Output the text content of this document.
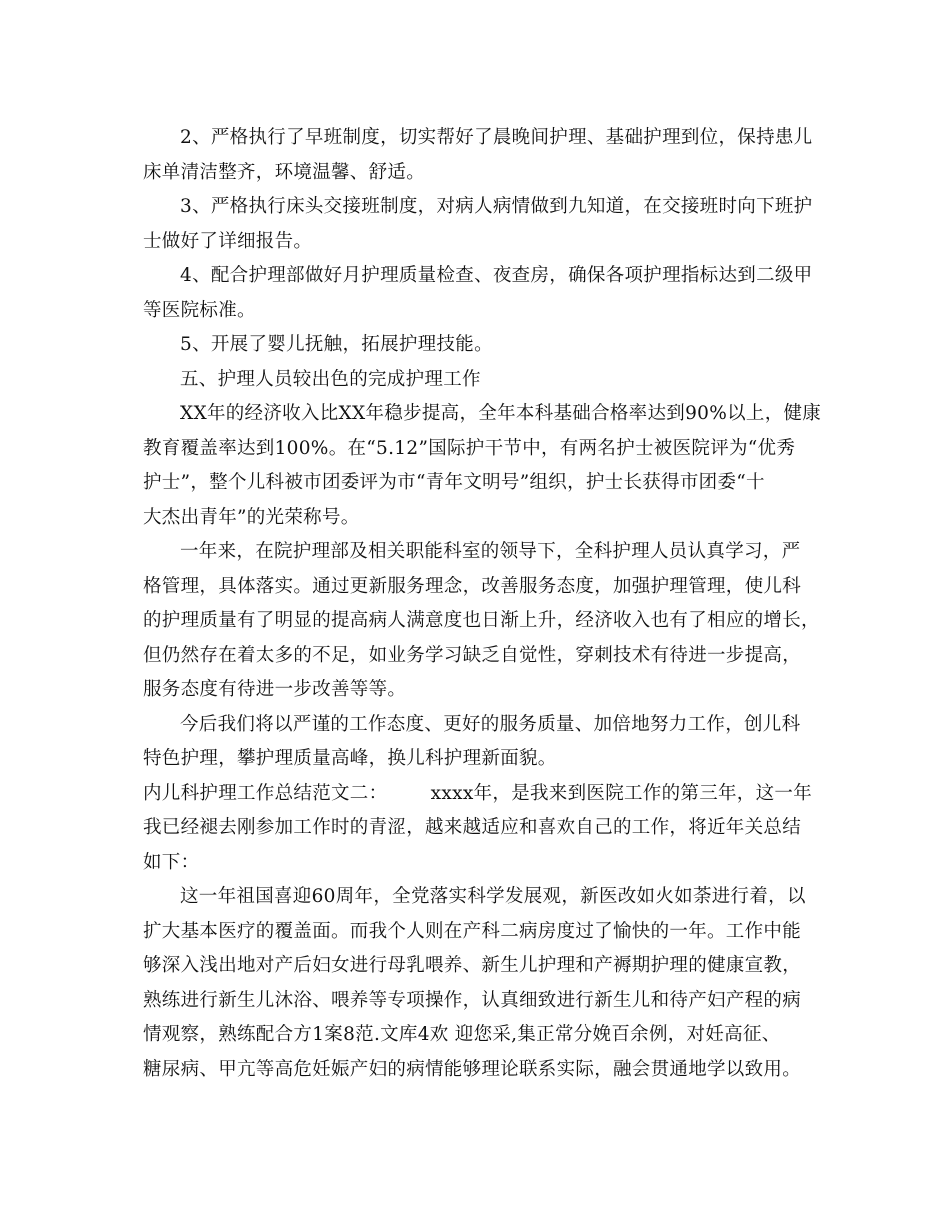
2、严格执行了早班制度，切实帮好了晨晚间护理、基础护理到位，保持患儿
床单清洁整齐，环境温馨、舒适。
3、严格执行床头交接班制度，对病人病情做到九知道，在交接班时向下班护
士做好了详细报告。
4、配合护理部做好月护理质量检查、夜查房，确保各项护理指标达到二级甲
等医院标准。
5、开展了婴儿抚触，拓展护理技能。
五、护理人员较出色的完成护理工作
XX年的经济收入比XX年稳步提高，全年本科基础合格率达到90%以上，健康
教育覆盖率达到100%。在“5.12”国际护干节中，有两名护士被医院评为“优秀
护士”，整个儿科被市团委评为市“青年文明号”组织，护士长获得市团委“十
大杰出青年”的光荣称号。
一年来，在院护理部及相关职能科室的领导下，全科护理人员认真学习，严
格管理，具体落实。通过更新服务理念，改善服务态度，加强护理管理，使儿科
的护理质量有了明显的提高病人满意度也日渐上升，经济收入也有了相应的增长，
但仍然存在着太多的不足，如业务学习缺乏自觉性，穿刺技术有待进一步提高，
服务态度有待进一步改善等等。
今后我们将以严谨的工作态度、更好的服务质量、加倍地努力工作，创儿科
特色护理，攀护理质量高峰，换儿科护理新面貌。
内儿科护理工作总结范文二：       xxxx年，是我来到医院工作的第三年，这一年
我已经褪去刚参加工作时的青涩，越来越适应和喜欢自己的工作，将近年关总结
如下：
这一年祖国喜迎60周年，全党落实科学发展观，新医改如火如荼进行着，以
扩大基本医疗的覆盖面。而我个人则在产科二病房度过了愉快的一年。工作中能
够深入浅出地对产后妇女进行母乳喂养、新生儿护理和产褥期护理的健康宣教，
熟练进行新生儿沐浴、喂养等专项操作，认真细致进行新生儿和待产妇产程的病
情观察，熟练配合方1案8范.文库4欢 迎您采,集正常分娩百余例，对妊高征、
糖尿病、甲亢等高危妊娠产妇的病情能够理论联系实际，融会贯通地学以致用。
